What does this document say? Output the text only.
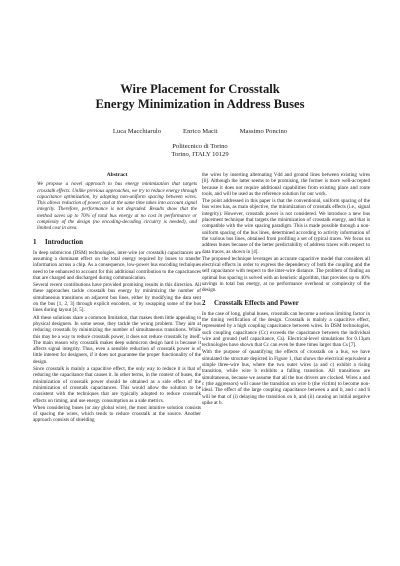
Wire Placement for Crosstalk
Energy Minimization in Address Buses
Luca Macchiarulo	Enrico Macii	Massimo Poncino
Politecnico di Torino
Torino, ITALY 10129
Abstract

We propose a novel approach to bus energy minimization that targets crosstalk effects. Unlike previous approaches, we try to reduce energy through capacitance optimization, by adopting non-uniform spacing between wires. This allows reduction of power, and at the same time takes into account signal integrity. Therefore, performance is not degraded. Results show that the method saves up to 70% of total bus energy at no cost in performance or complexity of the design (no encoding-decoding circuitry is needed), and limited cost in area.

1 Introduction

In deep submicron (DSM) technologies, inter-wire (or crosstalk) capacitances are assuming a dominant effect on the total energy required by buses to transfer information across a chip. As a consequence, low-power bus encoding techniques need to be enhanced to account for this additional contribution to the capacitances that are charged and discharged during communication.

Several recent contributions have provided promising results in this direction. All these approaches tackle crosstalk bus energy by minimizing the number of simultaneous transitions on adjacent bus lines, either by modifying the data sent on the bus [1, 2, 3] through explicit encoders, or by swapping some of the bus lines during layout [4, 5].

All these solutions share a common limitation, that makes them little appealing to physical designers. In some sense, they tackle the wrong problem. They aim at reducing crosstalk by minimizing the number of simultaneous transitions. While this may be a way to reduce crosstalk power, it does not reduce crosstalk by itself. The main reason why crosstalk makes deep submicron design hard is because it affects signal integrity. Thus, even a sensible reduction of crosstalk power is of little interest for designers, if it does not guarantee the proper functionality of the design.

Since crosstalk is mainly a capacitive effect, the only way to reduce it is that of reducing the capacitance that causes it. In other terms, in the context of buses, the minimization of crosstalk power should be obtained as a side effect of the minimization of crosstalk capacitances. This would allow the solution to be consistent with the techniques that are typically adopted to reduce crosstalk effects on timing, and use energy consumption as a side metrics.

When considering buses (or any global wire), the most intuitive solution consists of spacing the wires, which tends to reduce crosstalk at the source. Another approach consists of shielding

the wires by inserting alternating Vdd and ground lines between existing wires [6]. Although the latter seems to be promising, the former is more well-accepted because it does not require additional capabilities from existing place and route tools, and will be used as the reference solution for our work.

The point addressed in this paper is that the conventional, uniform spacing of the bus wires has, as main objective, the minimization of crosstalk effects (i.e., signal integrity). However, crosstalk power is not considered. We introduce a new bus placement technique that targets the minimization of crosstalk energy, and that is compatible with the wire spacing paradigm. This is made possible through a non-uniform spacing of the bus lines, determined according to activity information of the various bus lines, obtained from profiling a set of typical traces. We focus on address buses because of the better predictability of address traces with respect to data traces, as shown in [4].

The proposed technique leverages an accurate capacitive model that considers all electrical effects in order to express the dependency of both the coupling and the self capacitance with respect to the inter-wire distance. The problem of finding an optimal bus spacing is solved with an heuristic algorithm, that provides up to 40% savings in total bus energy, at no performance overhead or complexity of the design.

2 Crosstalk Effects and Power

In the case of long, global buses, crosstalk can become a serious limiting factor in the timing verification of the design. Crosstalk is mainly a capacitive effect, represented by a high coupling capacitance between wires. In DSM technologies, such coupling capacitance (Cc) exceeds the capacitance between the individual wire and ground (self capacitance, Cs). Electrical-level simulations for 0.13μm technologies have shown that Cc can even be three times larger than Cs [7].

With the purpose of quantifying the effects of crosstalk on a bus, we have simulated the structure depicted in Figure 1, that shows the electrical equivalent a simple three-wire bus, where the two outer wires (a and c) exhibit a rising transition, while wire b exhibits a falling transition. All transitions are simultaneous, because we assume that all the bus drivers are clocked. Wires a and c (the aggressors) will cause the transition on wire b (the victim) to become non-ideal. The effect of the large coupling capacitance between a and b, and c and b will be that of (i) delaying the transition on b, and (ii) causing an initial negative spike at b.
